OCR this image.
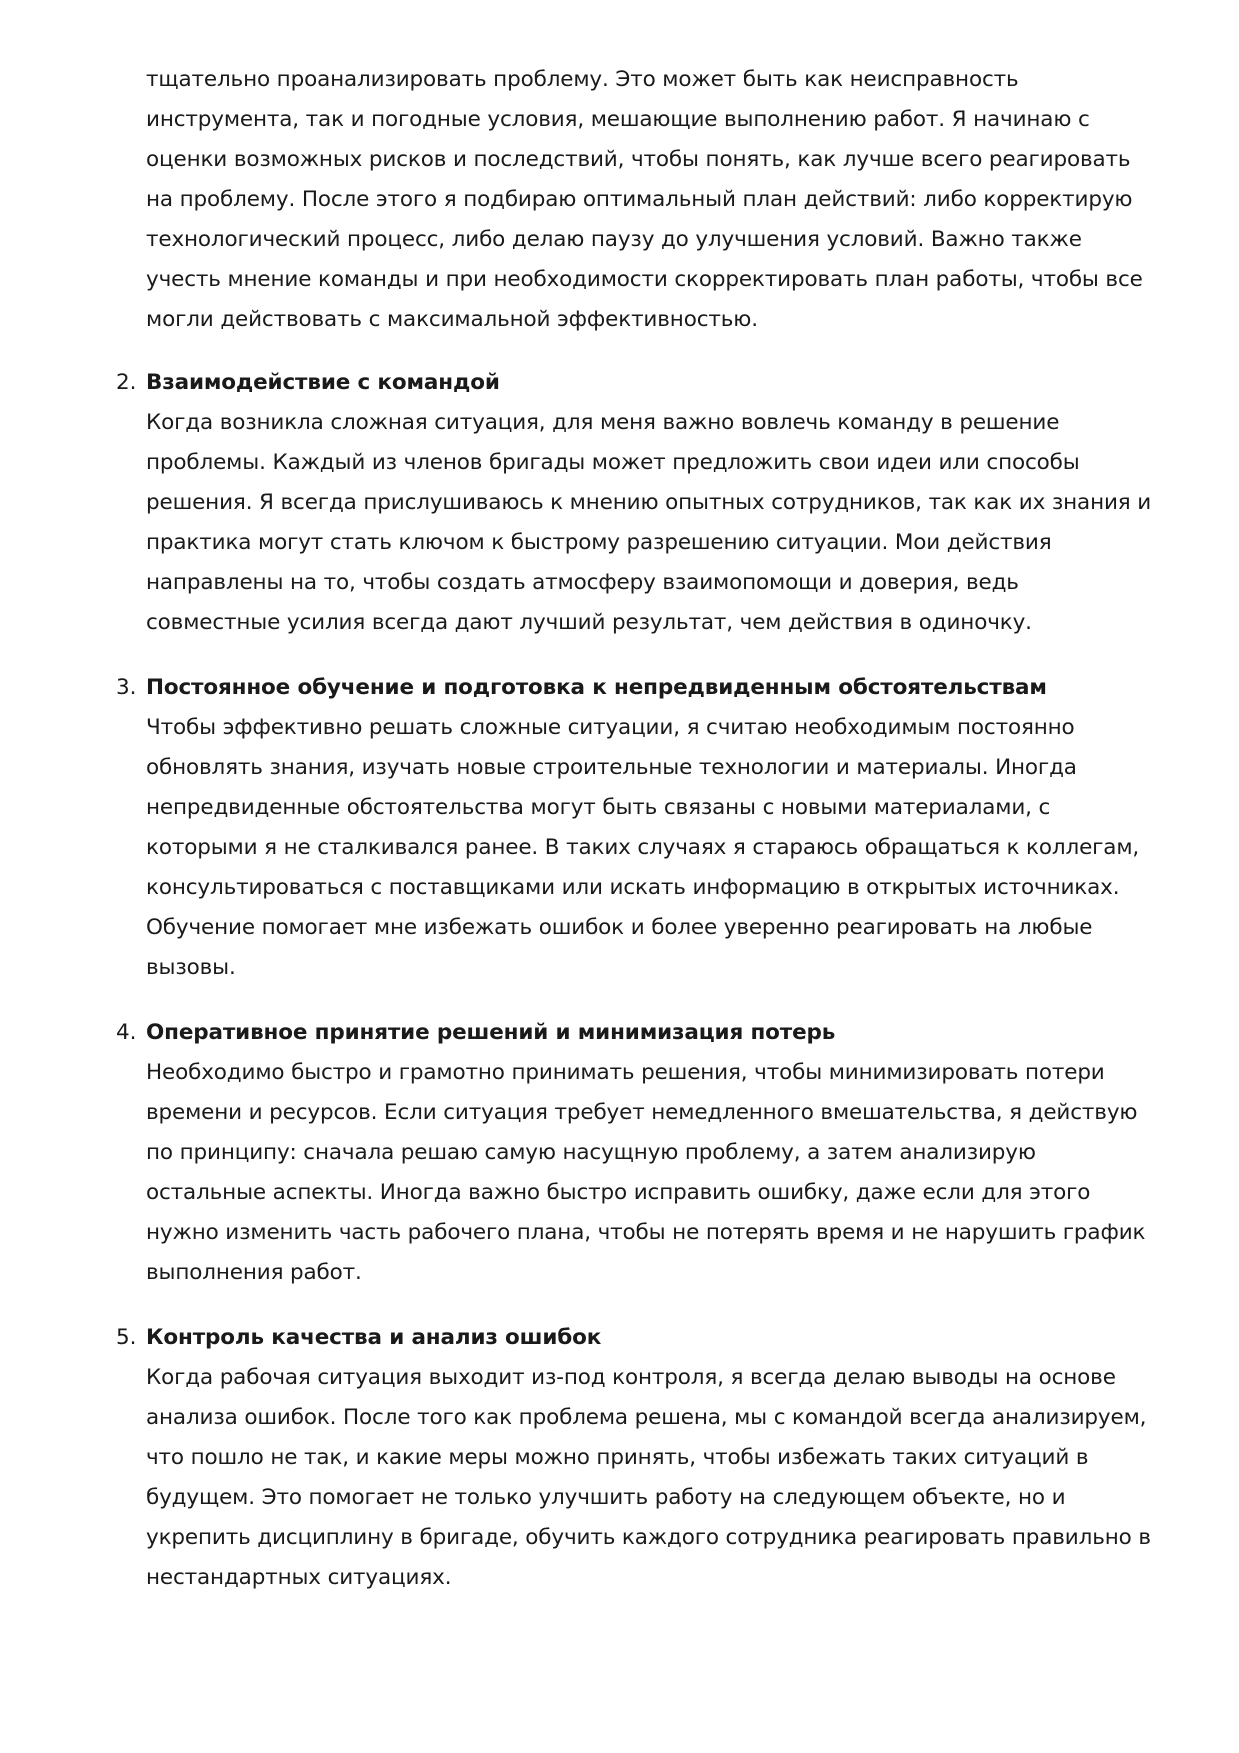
тщательно проанализировать проблему. Это может быть как неисправность инструмента, так и погодные условия, мешающие выполнению работ. Я начинаю с оценки возможных рисков и последствий, чтобы понять, как лучше всего реагировать на проблему. После этого я подбираю оптимальный план действий: либо корректирую технологический процесс, либо делаю паузу до улучшения условий. Важно также учесть мнение команды и при необходимости скорректировать план работы, чтобы все могли действовать с максимальной эффективностью.

2. Взаимодействие с командой

Когда возникла сложная ситуация, для меня важно вовлечь команду в решение проблемы. Каждый из членов бригады может предложить свои идеи или способы решения. Я всегда прислушиваюсь к мнению опытных сотрудников, так как их знания и практика могут стать ключом к быстрому разрешению ситуации. Мои действия направлены на то, чтобы создать атмосферу взаимопомощи и доверия, ведь совместные усилия всегда дают лучший результат, чем действия в одиночку.

3. Постоянное обучение и подготовка к непредвиденным обстоятельствам

Чтобы эффективно решать сложные ситуации, я считаю необходимым постоянно обновлять знания, изучать новые строительные технологии и материалы. Иногда непредвиденные обстоятельства могут быть связаны с новыми материалами, с которыми я не сталкивался ранее. В таких случаях я стараюсь обращаться к коллегам, консультироваться с поставщиками или искать информацию в открытых источниках. Обучение помогает мне избежать ошибок и более уверенно реагировать на любые вызовы.

4. Оперативное принятие решений и минимизация потерь

Необходимо быстро и грамотно принимать решения, чтобы минимизировать потери времени и ресурсов. Если ситуация требует немедленного вмешательства, я действую по принципу: сначала решаю самую насущную проблему, а затем анализирую остальные аспекты. Иногда важно быстро исправить ошибку, даже если для этого нужно изменить часть рабочего плана, чтобы не потерять время и не нарушить график выполнения работ.

5. Контроль качества и анализ ошибок

Когда рабочая ситуация выходит из-под контроля, я всегда делаю выводы на основе анализа ошибок. После того как проблема решена, мы с командой всегда анализируем, что пошло не так, и какие меры можно принять, чтобы избежать таких ситуаций в будущем. Это помогает не только улучшить работу на следующем объекте, но и укрепить дисциплину в бригаде, обучить каждого сотрудника реагировать правильно в нестандартных ситуациях.
